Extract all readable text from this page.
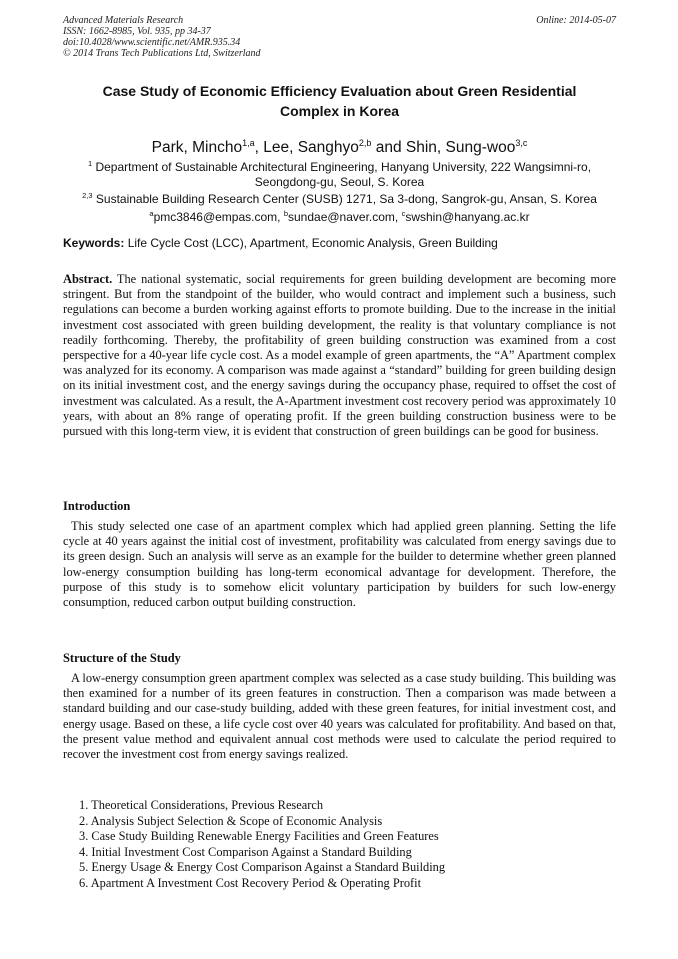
Advanced Materials Research
ISSN: 1662-8985, Vol. 935, pp 34-37
doi:10.4028/www.scientific.net/AMR.935.34
© 2014 Trans Tech Publications Ltd, Switzerland
Online: 2014-05-07
Case Study of Economic Efficiency Evaluation about Green Residential
Complex in Korea
Park, Mincho$^{1,a}$, Lee, Sanghyo$^{2,b}$ and Shin, Sung-woo$^{3,c}$
$^1$ Department of Sustainable Architectural Engineering, Hanyang University, 222 Wangsimni-ro,
Seongdong-gu, Seoul, S. Korea
$^{2,3}$ Sustainable Building Research Center (SUSB) 1271, Sa 3-dong, Sangrok-gu, Ansan, S. Korea
$^a$pmc3846@empas.com, $^b$sundae@naver.com, $^c$swshin@hanyang.ac.kr
Keywords: Life Cycle Cost (LCC), Apartment, Economic Analysis, Green Building
Abstract. The national systematic, social requirements for green building development are becoming more stringent. But from the standpoint of the builder, who would contract and implement such a business, such regulations can become a burden working against efforts to promote building. Due to the increase in the initial investment cost associated with green building development, the reality is that voluntary compliance is not readily forthcoming. Thereby, the profitability of green building construction was examined from a cost perspective for a 40-year life cycle cost. As a model example of green apartments, the “A” Apartment complex was analyzed for its economy. A comparison was made against a “standard” building for green building design on its initial investment cost, and the energy savings during the occupancy phase, required to offset the cost of investment was calculated. As a result, the A-Apartment investment cost recovery period was approximately 10 years, with about an 8% range of operating profit. If the green building construction business were to be pursued with this long-term view, it is evident that construction of green buildings can be good for business.
Introduction
This study selected one case of an apartment complex which had applied green planning. Setting the life cycle at 40 years against the initial cost of investment, profitability was calculated from energy savings due to its green design. Such an analysis will serve as an example for the builder to determine whether green planned low-energy consumption building has long-term economical advantage for development. Therefore, the purpose of this study is to somehow elicit voluntary participation by builders for such low-energy consumption, reduced carbon output building construction.
Structure of the Study
A low-energy consumption green apartment complex was selected as a case study building. This building was then examined for a number of its green features in construction. Then a comparison was made between a standard building and our case-study building, added with these green features, for initial investment cost, and energy usage. Based on these, a life cycle cost over 40 years was calculated for profitability. And based on that, the present value method and equivalent annual cost methods were used to calculate the period required to recover the investment cost from energy savings realized.
1. Theoretical Considerations, Previous Research
2. Analysis Subject Selection & Scope of Economic Analysis
3. Case Study Building Renewable Energy Facilities and Green Features
4. Initial Investment Cost Comparison Against a Standard Building
5. Energy Usage & Energy Cost Comparison Against a Standard Building
6. Apartment A Investment Cost Recovery Period & Operating Profit
